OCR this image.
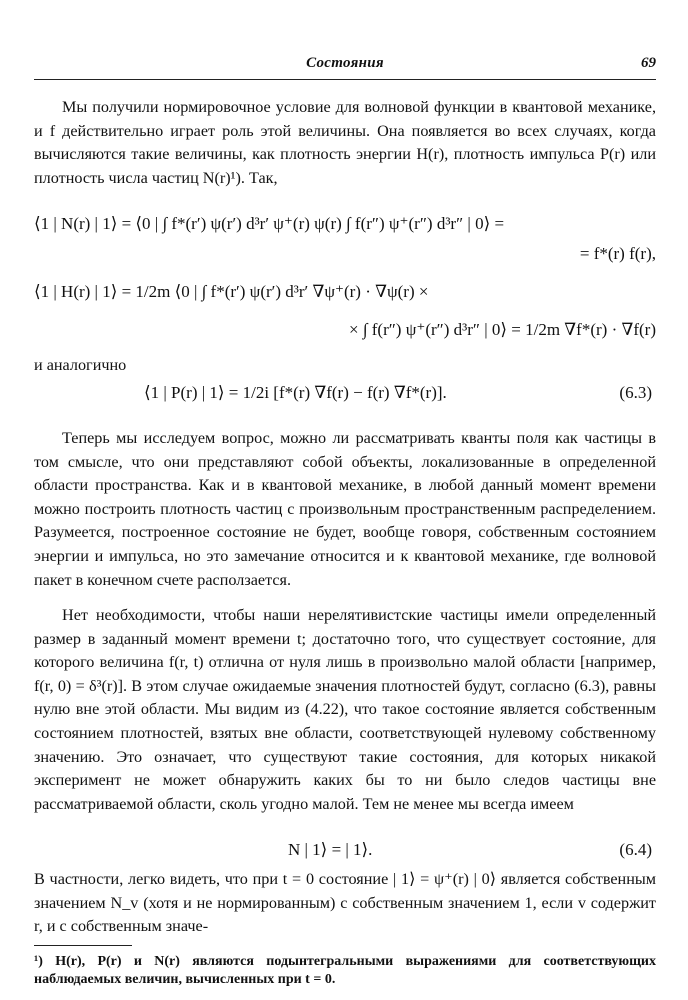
Состояния	69

Мы получили нормировочное условие для волновой функции в квантовой механике, и f действительно играет роль этой величины. Она появляется во всех случаях, когда вычисляются такие величины, как плотность энергии H(r), плотность импульса P(r) или плотность числа частиц N(r)¹). Так,

⟨1 | N(r) | 1⟩ = ⟨0 | ∫ f*(r′) ψ(r′) d³r′ ψ⁺(r) ψ(r) ∫ f(r″) ψ⁺(r″) d³r″ | 0⟩ =
= f*(r) f(r),
⟨1 | H(r) | 1⟩ = 1/2m ⟨0 | ∫ f*(r′) ψ(r′) d³r′ ∇ψ⁺(r) · ∇ψ(r) ×
× ∫ f(r″) ψ⁺(r″) d³r″ | 0⟩ = 1/2m ∇f*(r) · ∇f(r)

и аналогично

⟨1 | P(r) | 1⟩ = 1/2i [f*(r) ∇f(r) − f(r) ∇f*(r)].	(6.3)

Теперь мы исследуем вопрос, можно ли рассматривать кванты поля как частицы в том смысле, что они представляют собой объекты, локализованные в определенной области пространства. Как и в квантовой механике, в любой данный момент времени можно построить плотность частиц с произвольным пространственным распределением. Разумеется, построенное состояние не будет, вообще говоря, собственным состоянием энергии и импульса, но это замечание относится и к квантовой механике, где волновой пакет в конечном счете расползается.

Нет необходимости, чтобы наши нерелятивистские частицы имели определенный размер в заданный момент времени t; достаточно того, что существует состояние, для которого величина f(r, t) отлична от нуля лишь в произвольно малой области [например, f(r, 0) = δ³(r)]. В этом случае ожидаемые значения плотностей будут, согласно (6.3), равны нулю вне этой области. Мы видим из (4.22), что такое состояние является собственным состоянием плотностей, взятых вне области, соответствующей нулевому собственному значению. Это означает, что существуют такие состояния, для которых никакой эксперимент не может обнаружить каких бы то ни было следов частицы вне рассматриваемой области, сколь угодно малой. Тем не менее мы всегда имеем

N | 1⟩ = | 1⟩.	(6.4)

В частности, легко видеть, что при t = 0 состояние | 1⟩ = ψ⁺(r) | 0⟩ является собственным значением N_v (хотя и не нормированным) с собственным значением 1, если v содержит r, и с собственным значе-

¹) H(r), P(r) и N(r) являются подынтегральными выражениями для соответствующих наблюдаемых величин, вычисленных при t = 0.
